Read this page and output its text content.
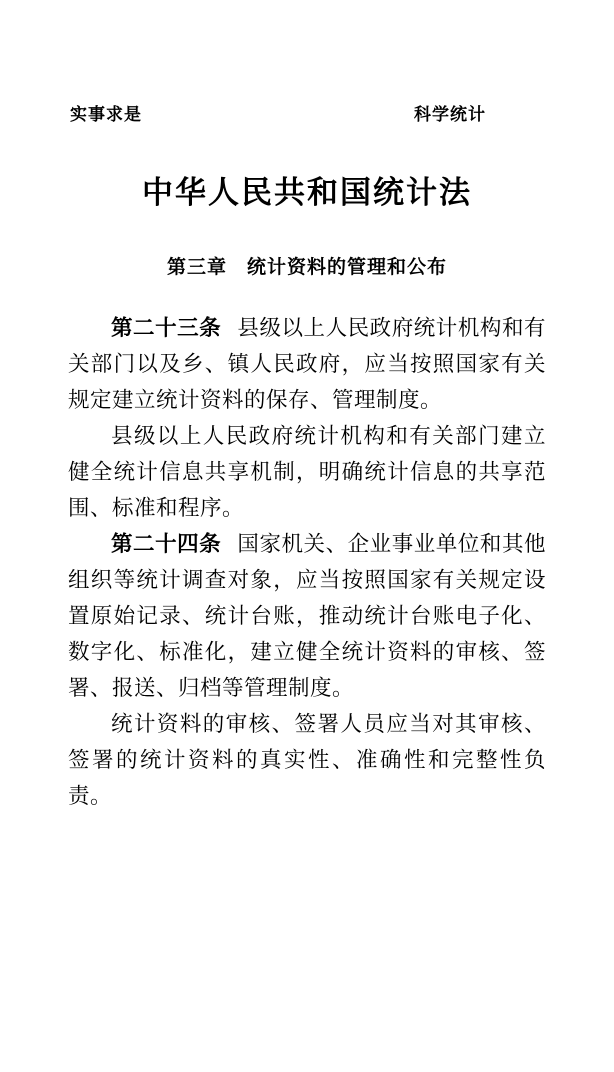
实事求是	科学统计
中华人民共和国统计法
第三章　统计资料的管理和公布

第二十三条 县级以上人民政府统计机构和有关部门以及乡、镇人民政府，应当按照国家有关规定建立统计资料的保存、管理制度。

县级以上人民政府统计机构和有关部门建立健全统计信息共享机制，明确统计信息的共享范围、标准和程序。

第二十四条 国家机关、企业事业单位和其他组织等统计调查对象，应当按照国家有关规定设置原始记录、统计台账，推动统计台账电子化、数字化、标准化，建立健全统计资料的审核、签署、报送、归档等管理制度。

统计资料的审核、签署人员应当对其审核、签署的统计资料的真实性、准确性和完整性负责。
